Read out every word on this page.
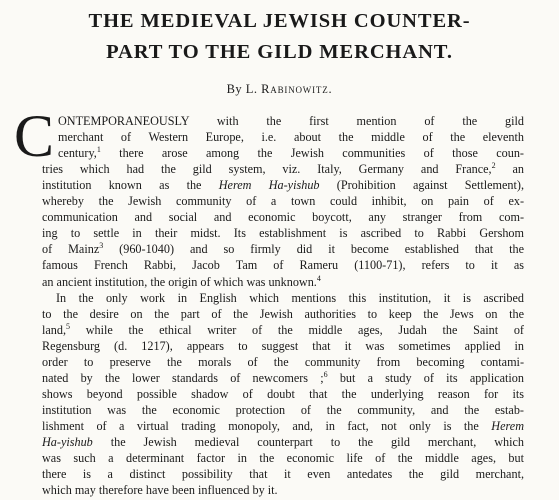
THE MEDIEVAL JEWISH COUNTER-
PART TO THE GILD MERCHANT.
By L. Rabinowitz.
C ONTEMPORANEOUSLY with the first mention of the gild
merchant of Western Europe, i.e. about the middle of the eleventh
century,$^1$ there arose among the Jewish communities of those coun-
tries which had the gild system, viz. Italy, Germany and France,$^2$ an
institution known as the Herem Ha-yishub (Prohibition against Settlement),
whereby the Jewish community of a town could inhibit, on pain of ex-
communication and social and economic boycott, any stranger from com-
ing to settle in their midst. Its establishment is ascribed to Rabbi Gershom
of Mainz$^3$ (960-1040) and so firmly did it become established that the
famous French Rabbi, Jacob Tam of Rameru (1100-71), refers to it as
an ancient institution, the origin of which was unknown.$^4$
In the only work in English which mentions this institution, it is ascribed
to the desire on the part of the Jewish authorities to keep the Jews on the
land,$^5$ while the ethical writer of the middle ages, Judah the Saint of
Regensburg (d. 1217), appears to suggest that it was sometimes applied in
order to preserve the morals of the community from becoming contami-
nated by the lower standards of newcomers ;$^6$ but a study of its application
shows beyond possible shadow of doubt that the underlying reason for its
institution was the economic protection of the community, and the estab-
lishment of a virtual trading monopoly, and, in fact, not only is the Herem
Ha-yishub the Jewish medieval counterpart to the gild merchant, which
was such a determinant factor in the economic life of the middle ages, but
there is a distinct possibility that it even antedates the gild merchant,
which may therefore have been influenced by it.
